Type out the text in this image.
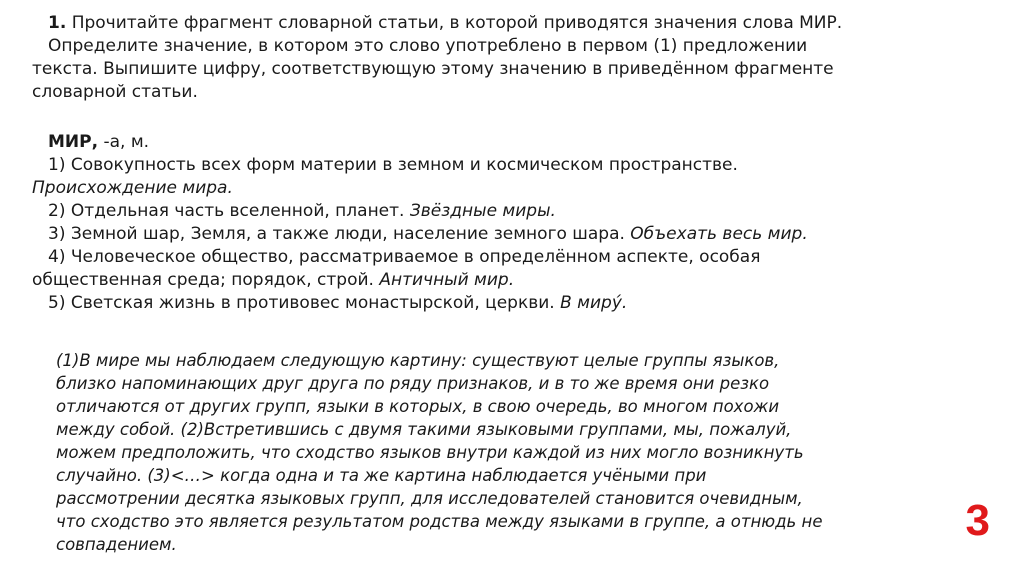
1. Прочитайте фрагмент словарной статьи, в которой приводятся значения слова МИР.
Определите значение, в котором это слово употреблено в первом (1) предложении
текста. Выпишите цифру, соответствующую этому значению в приведённом фрагменте
словарной статьи.
МИР, -а, м.
1) Совокупность всех форм материи в земном и космическом пространстве.
Происхождение мира.
2) Отдельная часть вселенной, планет. Звёздные миры.
3) Земной шар, Земля, а также люди, население земного шара. Объехать весь мир.
4) Человеческое общество, рассматриваемое в определённом аспекте, особая
общественная среда; порядок, строй. Античный мир.
5) Светская жизнь в противовес монастырской, церкви. В миру́.
(1)В мире мы наблюдаем следующую картину: существуют целые группы языков,
близко напоминающих друг друга по ряду признаков, и в то же время они резко
отличаются от других групп, языки в которых, в свою очередь, во многом похожи
между собой. (2)Встретившись с двумя такими языковыми группами, мы, пожалуй,
можем предположить, что сходство языков внутри каждой из них могло возникнуть
случайно. (3)<…> когда одна и та же картина наблюдается учёными при
рассмотрении десятка языковых групп, для исследователей становится очевидным,
что сходство это является результатом родства между языками в группе, а отнюдь не
совпадением.	3
